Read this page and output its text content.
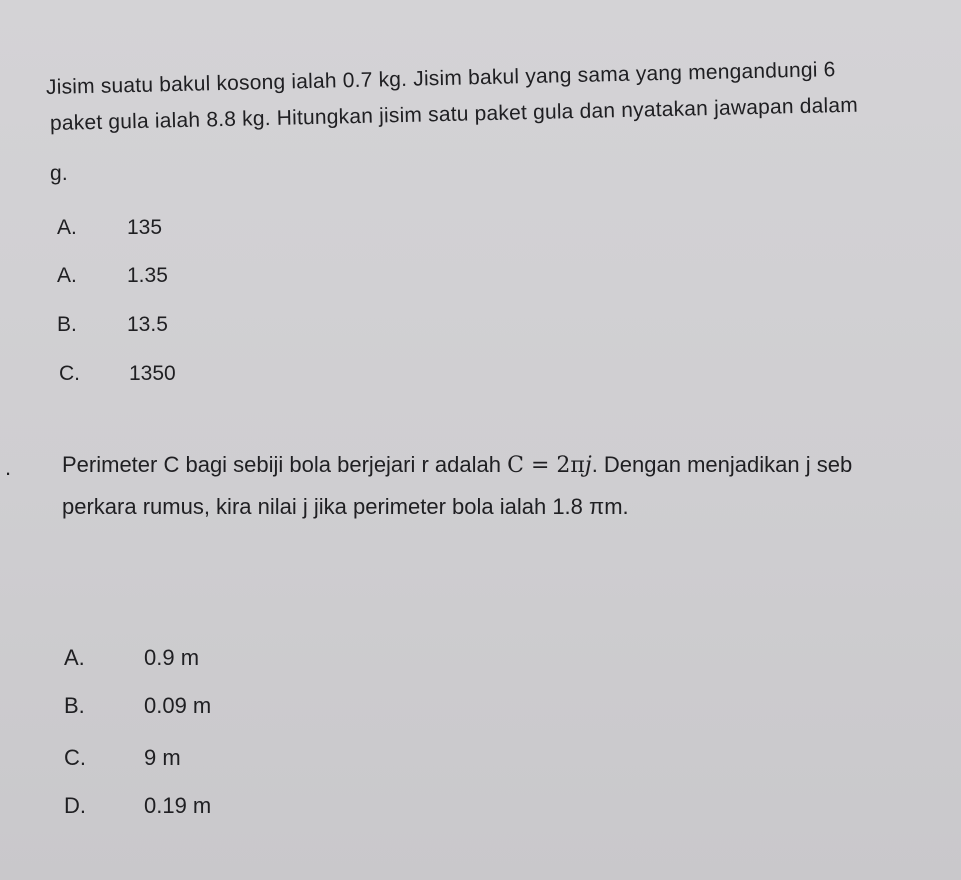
Jisim suatu bakul kosong ialah 0.7 kg. Jisim bakul yang sama yang mengandungi 6
paket gula ialah 8.8 kg. Hitungkan jisim satu paket gula dan nyatakan jawapan dalam
g.
A. 135
A. 1.35
B. 13.5
C. 1350
. Perimeter C bagi sebiji bola berjejari r adalah C = 2πj. Dengan menjadikan j seb
perkara rumus, kira nilai j jika perimeter bola ialah 1.8 πm.
A.	0.9 m
B.	0.09 m
C.	9 m
D.	0.19 m
